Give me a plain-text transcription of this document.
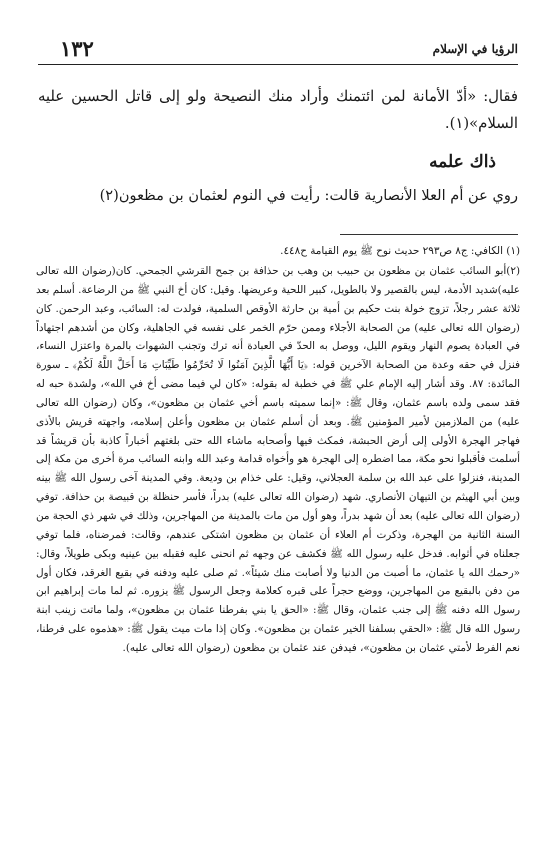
١٣٢	الرؤيا في الإسلام
فقال: «أدّ الأمانة لمن ائتمنك وأراد منك النصيحة ولو إلى قاتل الحسين عليه السلام»(١).
ذاك علمه
روي عن أم العلا الأنصارية قالت: رأيت في النوم لعثمان بن مظعون(٢)

(١) الكافي: ج٨ ص٢٩٣ حديث نوح ﷺ يوم القيامة ح٤٤٨.

(٢)أبو السائب عثمان بن مظعون بن حبيب بن وهب بن حذافة بن جمح القرشي الجمحي. كان(رضوان الله تعالى عليه)شديد الأدمة، ليس بالقصير ولا بالطويل، كبير اللحية وعريضها. وقيل: كان أخ النبي ﷺ من الرضاعة. أسلم بعد ثلاثة عشر رجلاً، تزوج خولة بنت حكيم بن أمية بن حارثة الأوقص السلمية، فولدت له: السائب، وعبد الرحمن. كان (رضوان الله تعالى عليه) من الصحابة الأجلاء وممن حرّم الخمر على نفسه في الجاهلية، وكان من أشدهم اجتهاداً في العبادة يصوم النهار ويقوم الليل، ووصل به الحدّ في العبادة أنه ترك وتجنب الشهوات بالمرة واعتزل النساء، فنزل في حقه وعدة من الصحابة الآخرين قوله: ﴿يَا أَيُّهَا الَّذِينَ آمَنُوا لَا تُحَرِّمُوا طَيِّبَاتِ مَا أَحَلَّ اللَّهُ لَكُمْ﴾ ـ سورة المائدة: ٨٧. وقد أشار إليه الإمام علي ﷺ في خطبة له بقوله: «كان لي فيما مضى أخ في الله»، ولشدة حبه له فقد سمى ولده باسم عثمان، وقال ﷺ: «إنما سميته باسم أخي عثمان بن مظعون»، وكان (رضوان الله تعالى عليه) من الملازمين لأمير المؤمنين ﷺ. وبعد أن أسلم عثمان بن مظعون وأعلن إسلامه، واجهته قريش بالأذى فهاجر الهجرة الأولى إلى أرض الحبشة، فمكث فيها وأصحابه ماشاء الله حتى بلغتهم أخباراً كاذبة بأن قريشاً قد أسلمت فأقبلوا نحو مكة، مما اضطره إلى الهجرة هو وأخواه قدامة وعبد الله وابنه السائب مرة أخرى من مكة إلى المدينة، فنزلوا على عبد الله بن سلمة العجلاني، وقيل: على خذام بن وديعة. وفي المدينة آخى رسول الله ﷺ بينه وبين أبي الهيثم بن التيهان الأنصاري. شهد (رضوان الله تعالى عليه) بدراً، فأسر حنظلة بن قبيصة بن حذافة. توفي (رضوان الله تعالى عليه) بعد أن شهد بدراً، وهو أول من مات بالمدينة من المهاجرين، وذلك في شهر ذي الحجة من السنة الثانية من الهجرة، وذكرت أم العلاء أن عثمان بن مظعون اشتكى عندهم، وقالت: فمرضناه، فلما توفي جعلناه في أثوابه. فدخل عليه رسول الله ﷺ فكشف عن وجهه ثم انحنى عليه فقبله بين عينيه وبكى طويلاً، وقال: «رحمك الله يا عثمان، ما أصبت من الدنيا ولا أصابت منك شيئاً». ثم صلى عليه ودفنه في بقيع الغرقد، فكان أول من دفن بالبقيع من المهاجرين، ووضع حجراً على قبره كعلامة وجعل الرسول ﷺ يزوره. ثم لما مات إبراهيم ابن رسول الله دفنه ﷺ إلى جنب عثمان، وقال ﷺ: «الحق يا بني بفرطنا عثمان بن مظعون»، ولما ماتت زينب ابنة رسول الله قال ﷺ: «الحقي بسلفنا الخير عثمان بن مظعون». وكان إذا مات ميت يقول ﷺ: «هذموه على فرطنا، نعم الفرط لأمتي عثمان بن مظعون»، فيدفن عند عثمان بن مظعون (رضوان الله تعالى عليه).
